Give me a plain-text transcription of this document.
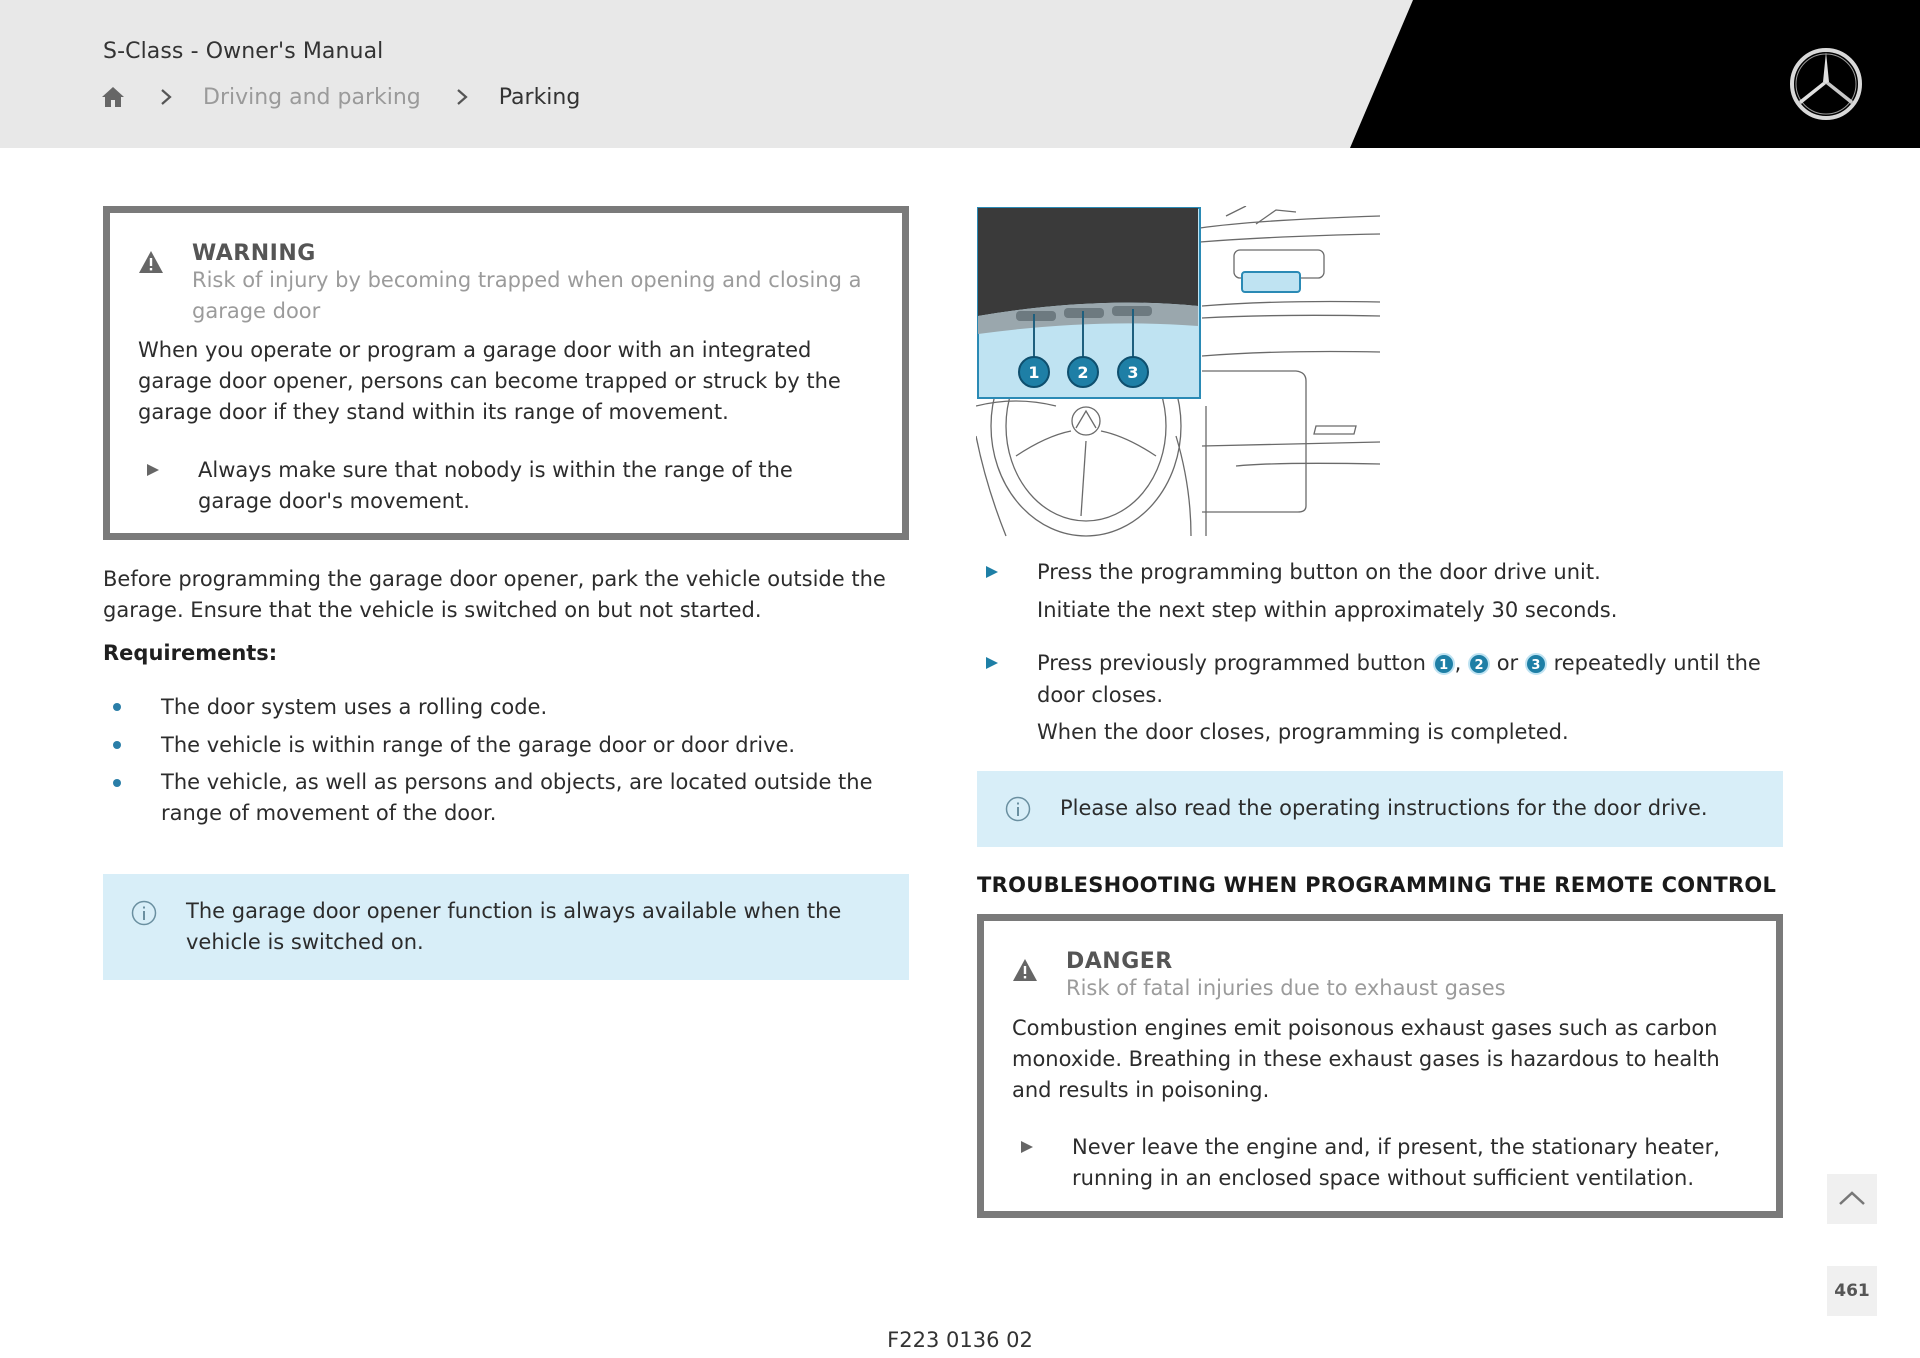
S-Class - Owner's Manual
Driving and parking	Parking
WARNING
Risk of injury by becoming trapped when opening and closing a garage door
When you operate or program a garage door with an integrated garage door opener, persons can become trapped or struck by the garage door if they stand within its range of movement.
Always make sure that nobody is within the range of the garage door's movement.
Before programming the garage door opener, park the vehicle outside the garage. Ensure that the vehicle is switched on but not started.
Requirements:
The door system uses a rolling code.
The vehicle is within range of the garage door or door drive.
The vehicle, as well as persons and objects, are located outside the range of movement of the door.
The garage door opener function is always available when the vehicle is switched on.
1 2 3
Press the programming button on the door drive unit.
Initiate the next step within approximately 30 seconds.
Press previously programmed button 1 , 2 or 3 repeatedly until the
door closes.
When the door closes, programming is completed.
Please also read the operating instructions for the door drive.
TROUBLESHOOTING WHEN PROGRAMMING THE REMOTE CONTROL
DANGER
Risk of fatal injuries due to exhaust gases
Combustion engines emit poisonous exhaust gases such as carbon monoxide. Breathing in these exhaust gases is hazardous to health and results in poisoning.
Never leave the engine and, if present, the stationary heater, running in an enclosed space without sufficient ventilation.
461
F223 0136 02
